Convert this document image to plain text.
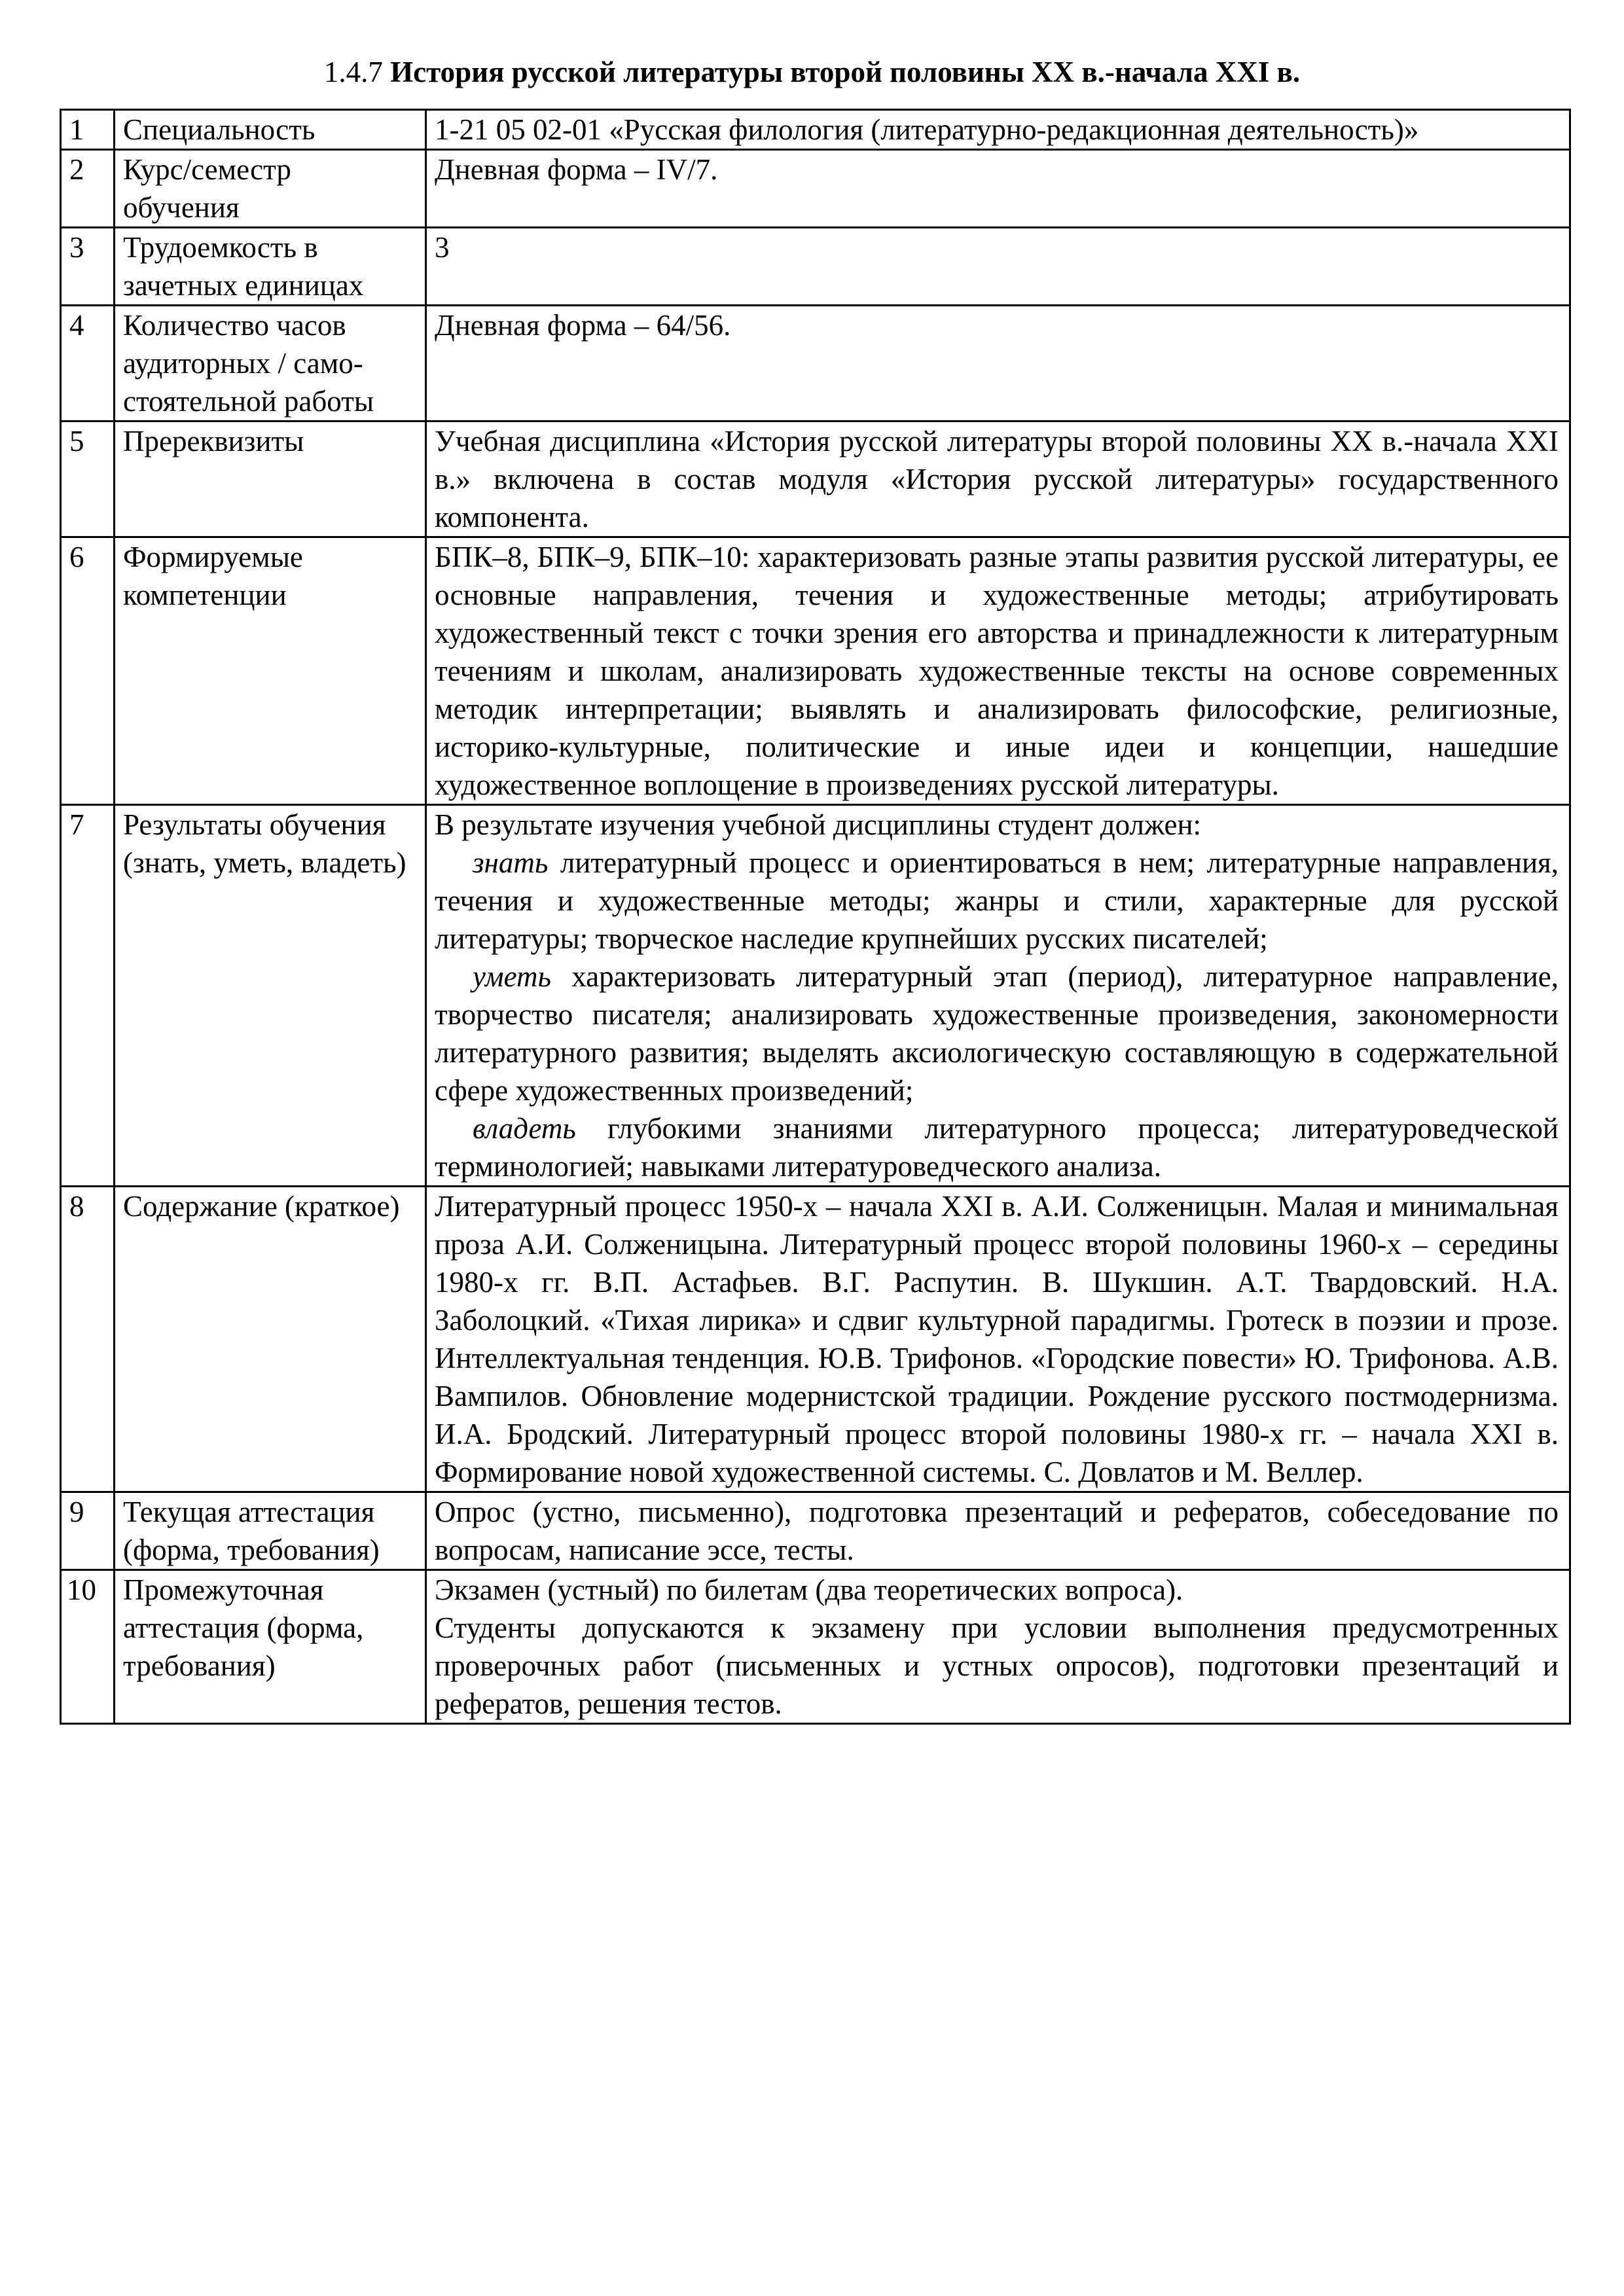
1.4.7 История русской литературы второй половины XX в.-начала XXI в.
1	Специальность	1-21 05 02-01 «Русская филология (литературно-редакционная деятельность)»
2	Курс/семестр обучения	Дневная форма – IV/7.
3	Трудоемкость в зачетных единицах	3
4	Количество часов аудиторных / само-стоятельной работы	Дневная форма – 64/56.
5	Пререквизиты	Учебная дисциплина «История русской литературы второй половины XX в.-начала XXI в.» включена в состав модуля «История русской литературы» государственного компонента.
6	Формируемые компетенции	БПК–8, БПК–9, БПК–10: характеризовать разные этапы развития русской литературы, ее основные направления, течения и художественные методы; атрибутировать художественный текст с точки зрения его авторства и принадлежности к литературным течениям и школам, анализировать художественные тексты на основе современных методик интерпретации; выявлять и анализировать философские, религиозные, историко-культурные, политические и иные идеи и концепции, нашедшие художественное воплощение в произведениях русской литературы.
7	Результаты обучения (знать, уметь, владеть)	В результате изучения учебной дисциплины студент должен:
знать литературный процесс и ориентироваться в нем; литературные направления, течения и художественные методы; жанры и стили, характерные для русской литературы; творческое наследие крупнейших русских писателей;
уметь характеризовать литературный этап (период), литературное направление, творчество писателя; анализировать художественные произведения, закономерности литературного развития; выделять аксиологическую составляющую в содержательной сфере художественных произведений;
владеть глубокими знаниями литературного процесса; литературоведческой терминологией; навыками литературоведческого анализа.

8	Содержание (краткое)	Литературный процесс 1950-х – начала XXI в. А.И. Солженицын. Малая и минимальная проза А.И. Солженицына. Литературный процесс второй половины 1960-х – середины 1980-х гг. В.П. Астафьев. В.Г. Распутин. В. Шукшин. А.Т. Твардовский. Н.А. Заболоцкий. «Тихая лирика» и сдвиг культурной парадигмы. Гротеск в поэзии и прозе. Интеллектуальная тенденция. Ю.В. Трифонов. «Городские повести» Ю. Трифонова. А.В. Вампилов. Обновление модернистской традиции. Рождение русского постмодернизма. И.А. Бродский. Литературный процесс второй половины 1980-х гг. – начала XXI в. Формирование новой художественной системы. С. Довлатов и М. Веллер.
9	Текущая аттестация (форма, требования)	Опрос (устно, письменно), подготовка презентаций и рефератов, собеседование по вопросам, написание эссе, тесты.
10	Промежуточная аттестация (форма, требования)	Экзамен (устный) по билетам (два теоретических вопроса).
Студенты допускаются к экзамену при условии выполнения предусмотренных проверочных работ (письменных и устных опросов), подготовки презентаций и рефератов, решения тестов.
